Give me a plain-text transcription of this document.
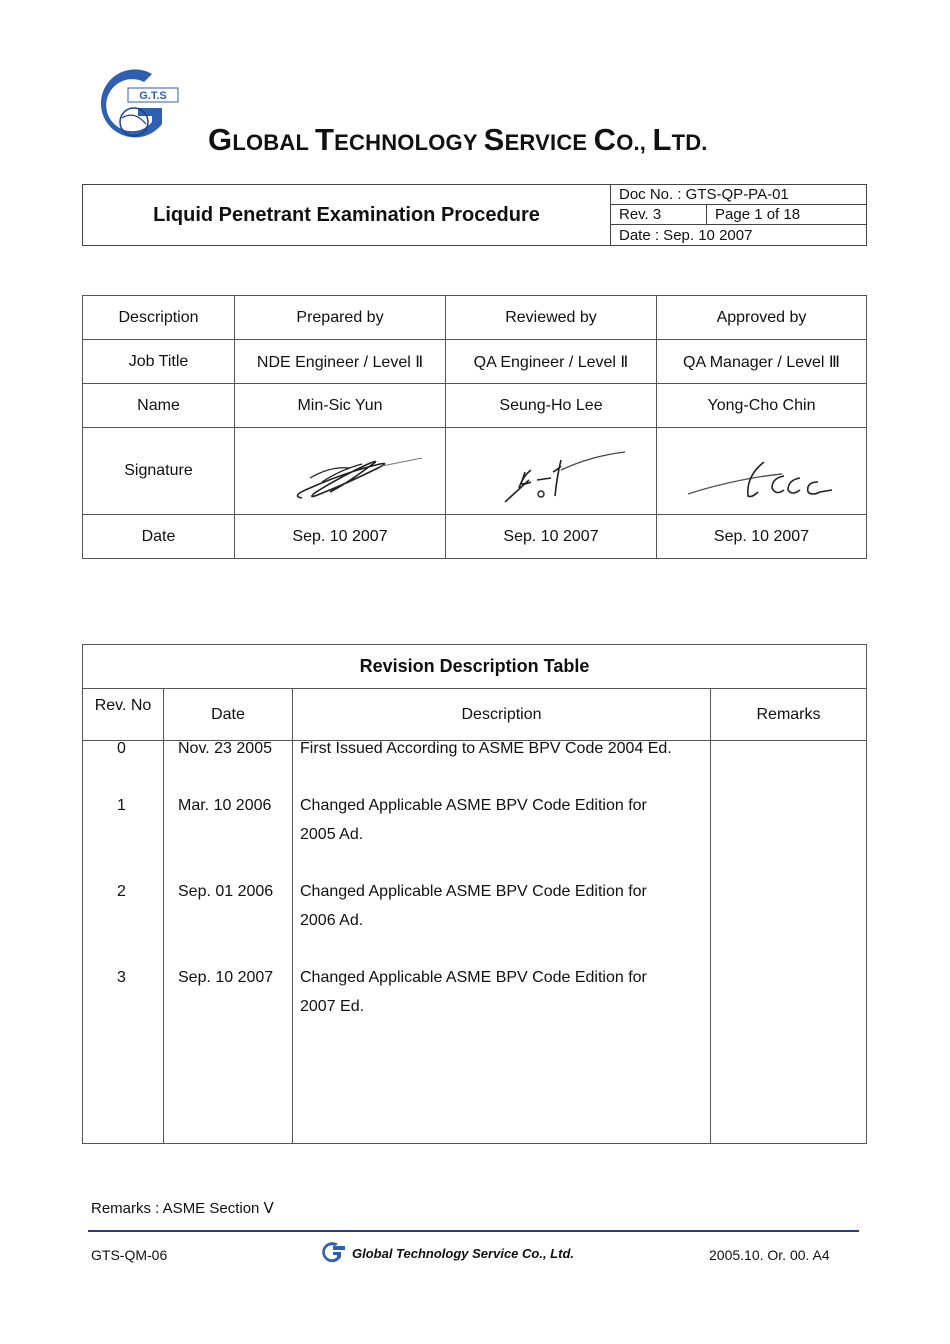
G.T.S
GLOBAL TECHNOLOGY SERVICE CO., LTD.
Liquid Penetrant Examination Procedure	Doc No. : GTS-QP-PA-01	
	Rev. 3	Page 1 of 18
	Date : Sep. 10 2007	
Description	Prepared by	Reviewed by	Approved by
Job Title	NDE Engineer / Level Ⅱ	QA Engineer / Level Ⅱ	QA Manager / Level Ⅲ
Name	Min-Sic Yun	Seung-Ho Lee	Yong-Cho Chin
Signature	

Date	Sep. 10 2007	Sep. 10 2007	Sep. 10 2007
Revision Description Table			
Rev. No	Date	Description	Remarks

0	Nov. 23 2005 First Issued According to ASME BPV Code 2004 Ed.
1	Mar. 10 2006 Changed Applicable ASME BPV Code Edition for
2005 Ad.
2	Sep. 01 2006 Changed Applicable ASME BPV Code Edition for
2006 Ad.
3	Sep. 10 2007 Changed Applicable ASME BPV Code Edition for
2007 Ed.
Remarks : ASME Section Ⅴ
GTS-QM-06	Global Technology Service Co., Ltd.	2005.10. Or. 00. A4
